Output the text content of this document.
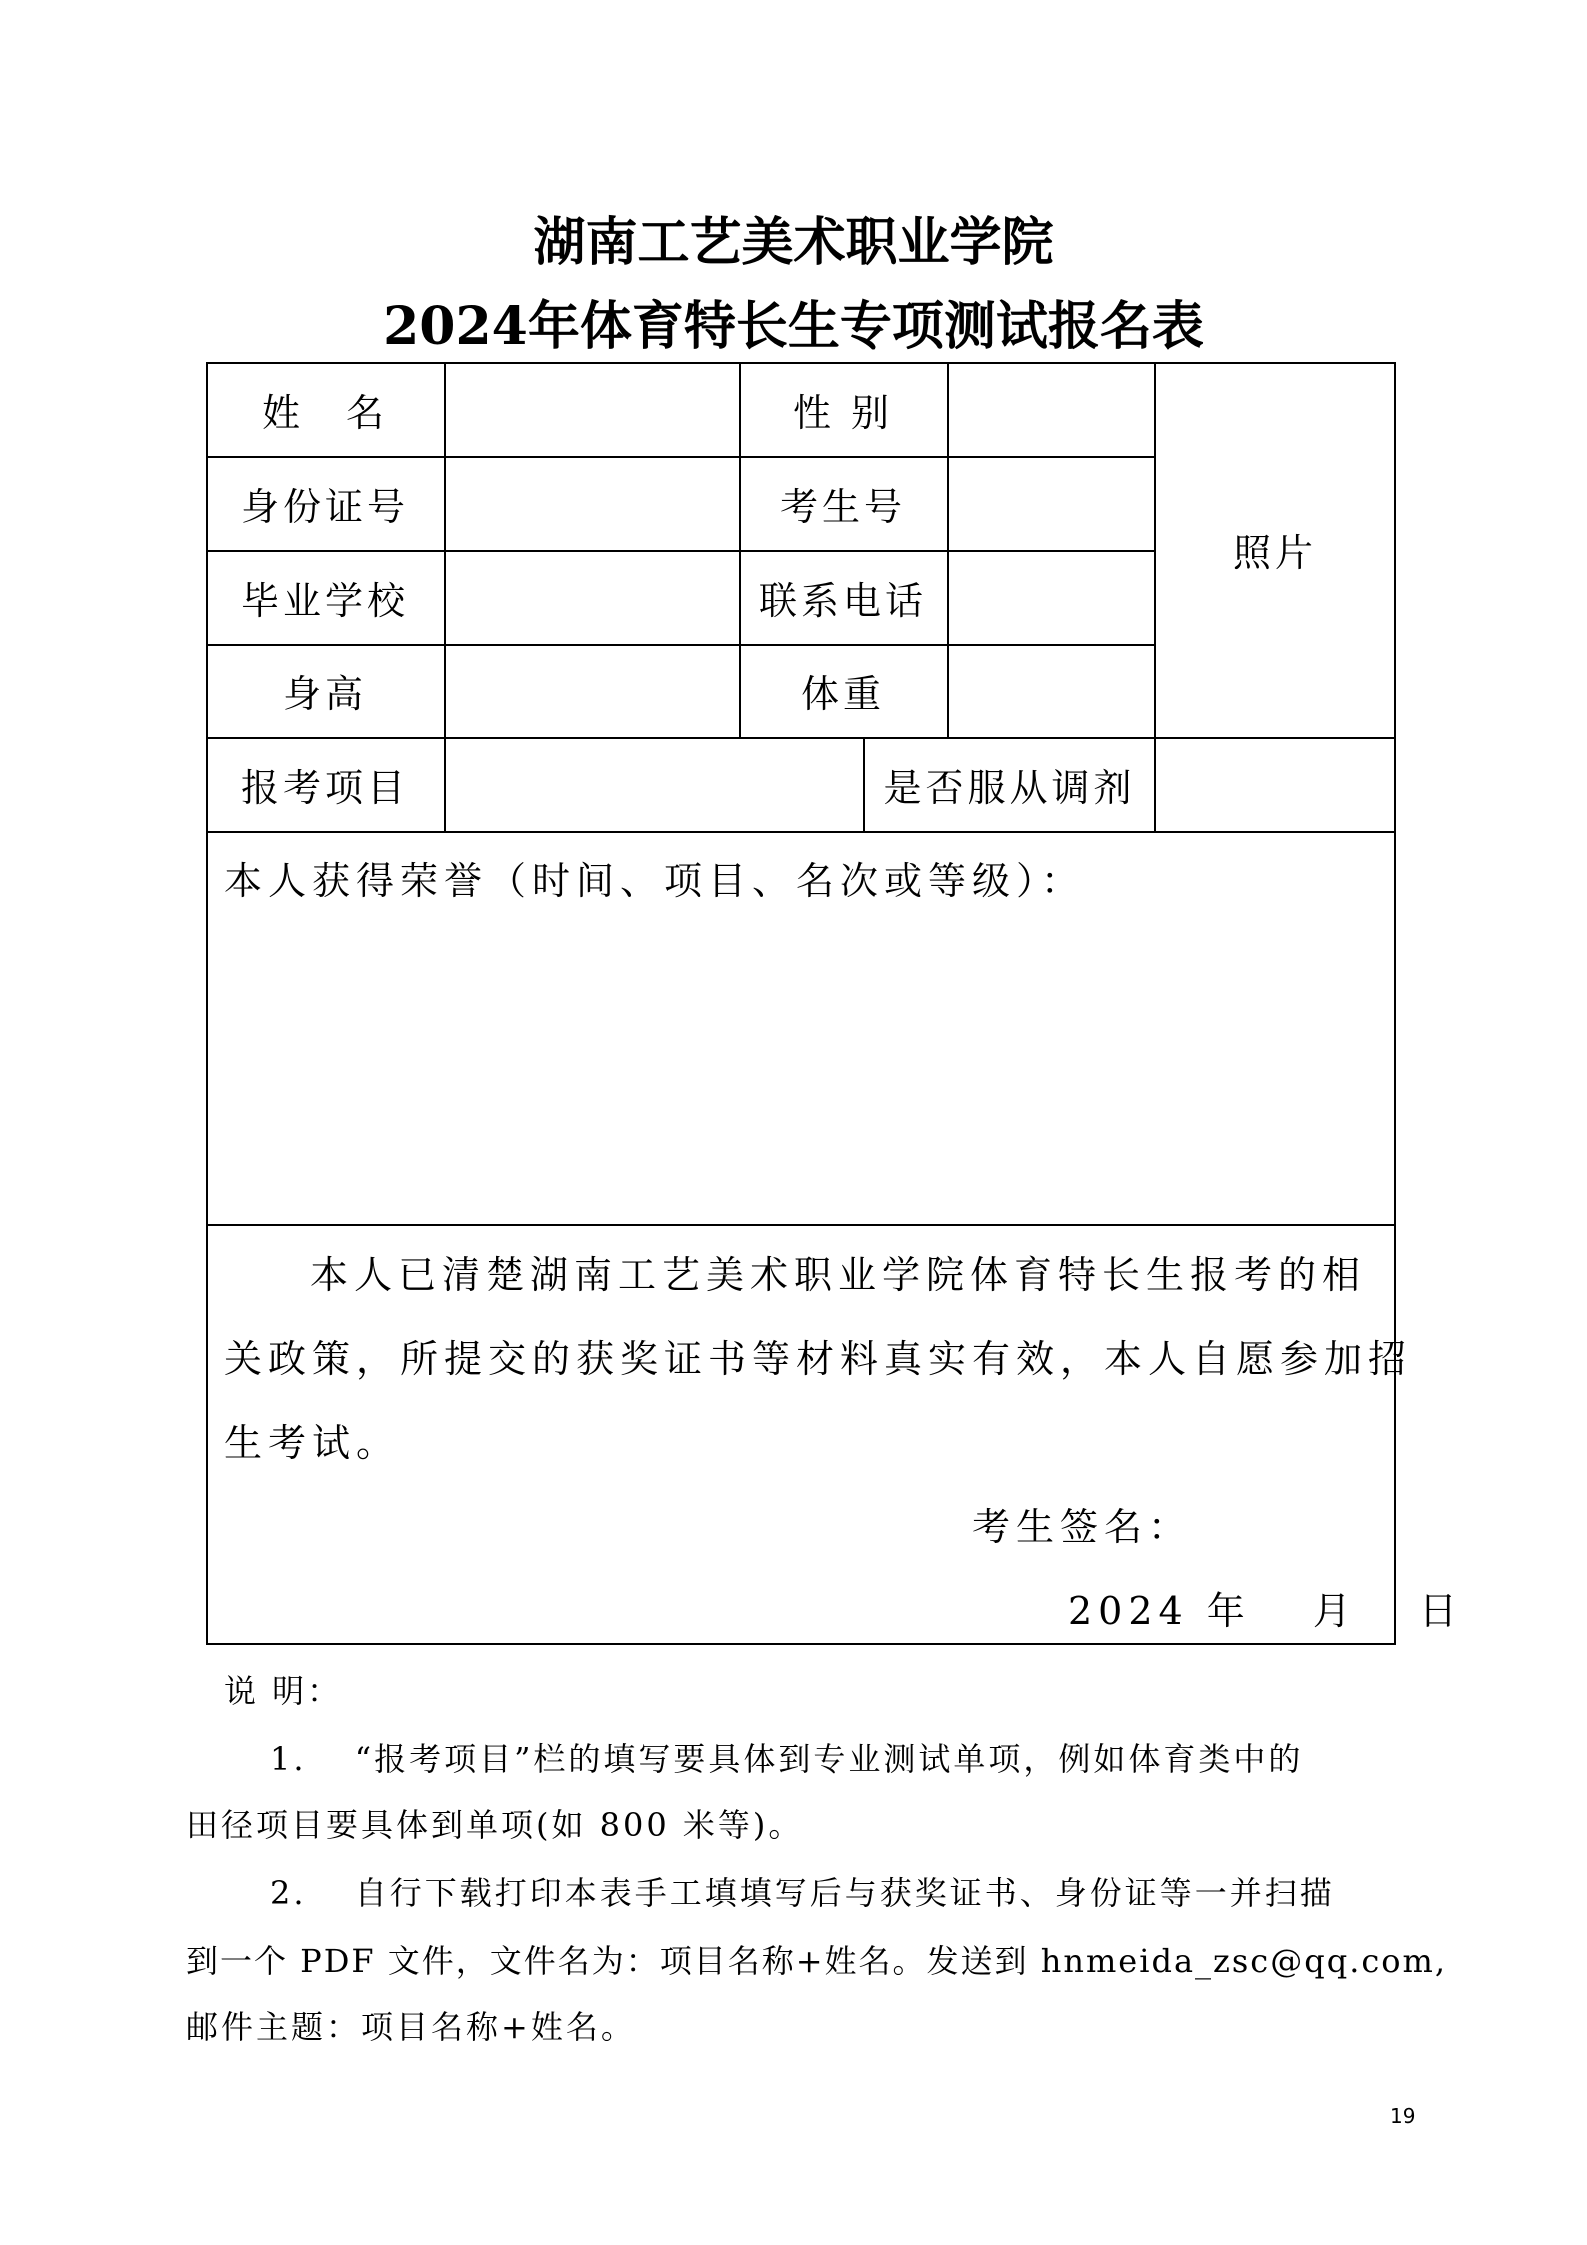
湖南工艺美术职业学院
2024年体育特长生专项测试报名表
姓　名	性 别
身份证号	考生号
毕业学校	联系电话
身高	体重
照片
报考项目	是否服从调剂
本人获得荣誉（时间、项目、名次或等级）：
本人已清楚湖南工艺美术职业学院体育特长生报考的相
关政策，所提交的获奖证书等材料真实有效，本人自愿参加招
生考试。
考生签名：
2024 年　 月　 日
说 明：
1.　 “报考项目”栏的填写要具体到专业测试单项，例如体育类中的
田径项目要具体到单项(如 800 米等)。
2.　 自行下载打印本表手工填填写后与获奖证书、身份证等一并扫描
到一个 PDF 文件，文件名为：项目名称+姓名。发送到 hnmeida_zsc@qq.com,
邮件主题：项目名称+姓名。
19
